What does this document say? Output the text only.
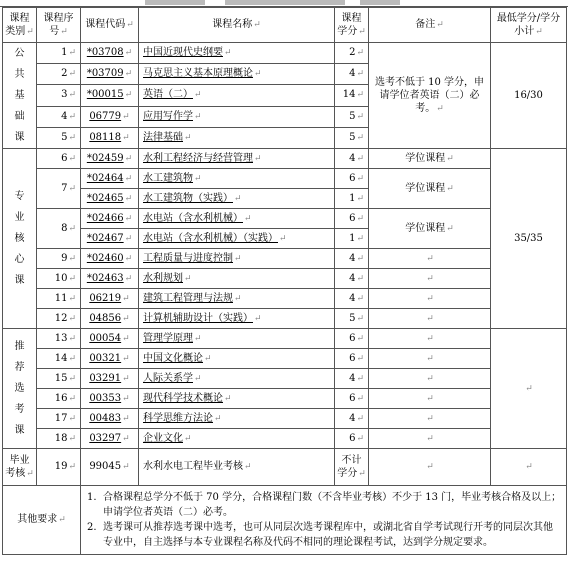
课程类别↵	课程序号↵	课程代码↵	课程名称↵	课程学分↵	备注↵	最低学分/学分小计↵

公
共
基
础
课	1↵	*03708↵	中国近现代史纲要↵	2↵	选考不低于 10 学分，申请学位者英语（二）必考。↵	16/30
	2↵	*03709↵	马克思主义基本原理概论↵	4↵		
	3↵	*00015↵	英语（二）↵	14↵		
	4↵	06779↵	应用写作学↵	5↵		
	5↵	08118↵	法律基础↵	5↵		

专
业
核
心
课	6↵	*02459↵	水利工程经济与经营管理↵	4↵	学位课程↵	35/35
	7↵	*02464↵	水工建筑物↵	6↵	学位课程↵	
		*02465↵	水工建筑物（实践）↵	1↵		
	8↵	*02466↵	水电站（含水利机械）↵	6↵	学位课程↵	
		*02467↵	水电站（含水利机械）（实践）↵	1↵		
	9↵	*02460↵	工程质量与进度控制↵	4↵	↵	
	10↵	*02463↵	水利规划↵	4↵	↵	
	11↵	06219↵	建筑工程管理与法规↵	4↵	↵	
	12↵	04856↵	计算机辅助设计（实践）↵	5↵	↵	

推
荐
选
考
课	13↵	00054↵	管理学原理↵	6↵	↵	↵
	14↵	00321↵	中国文化概论↵	6↵	↵	
	15↵	03291↵	人际关系学↵	4↵	↵	
	16↵	00353↵	现代科学技术概论↵	6↵	↵	
	17↵	00483↵	科学思维方法论↵	4↵	↵	
	18↵	03297↵	企业文化↵	6↵	↵	
毕业考核↵	19↵	99045↵	水利水电工程毕业考核↵	不计学分↵	↵	↵
其他要求↵		1. 合格课程总学分不低于 70 学分，合格课程门数（不含毕业考核）不少于 13 门，毕业考核合格及以上；申请学位者英语（二）必考。
2. 选考课可从推荐选考课中选考，也可从同层次选考课程库中，或湖北省自学考试现行开考的同层次其他专业中，自主选择与本专业课程名称及代码不相同的理论课程考试，达到学分规定要求。				
